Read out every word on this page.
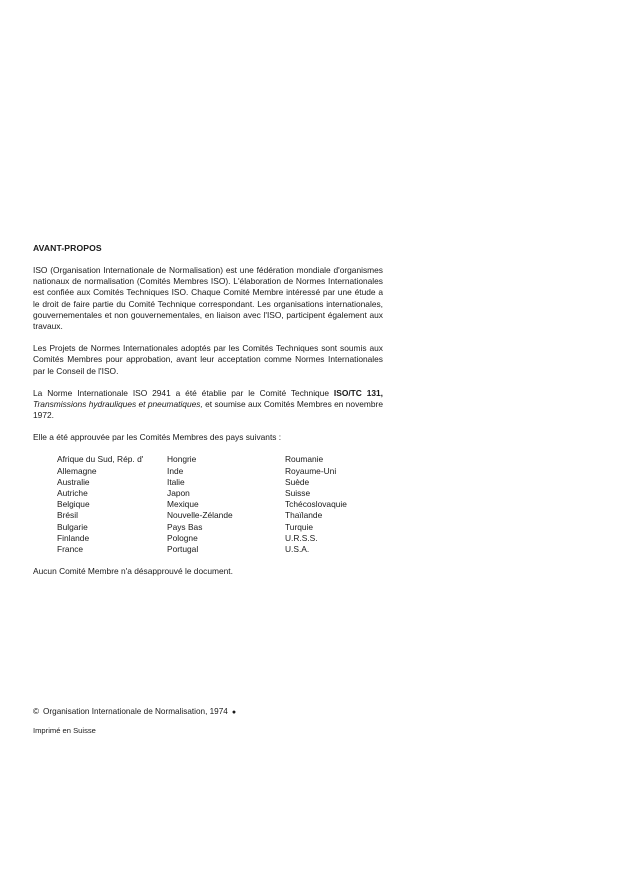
AVANT-PROPOS

ISO (Organisation Internationale de Normalisation) est une fédération mondiale d'organismes nationaux de normalisation (Comités Membres ISO). L'élaboration de Normes Internationales est confiée aux Comités Techniques ISO. Chaque Comité Membre intéressé par une étude a le droit de faire partie du Comité Technique correspondant. Les organisations internationales, gouvernementales et non gouvernementales, en liaison avec l'ISO, participent également aux travaux.

Les Projets de Normes Internationales adoptés par les Comités Techniques sont soumis aux Comités Membres pour approbation, avant leur acceptation comme Normes Internationales par le Conseil de l'ISO.

La Norme Internationale ISO 2941 a été établie par le Comité Technique ISO/TC 131, Transmissions hydrauliques et pneumatiques, et soumise aux Comités Membres en novembre 1972.

Elle a été approuvée par les Comités Membres des pays suivants :
Afrique du Sud, Rép. d'
Allemagne
Australie
Autriche
Belgique
Brésil
Bulgarie
Finlande
France
Hongrie
Inde
Italie
Japon
Mexique
Nouvelle-Zélande
Pays Bas
Pologne
Portugal
Roumanie
Royaume-Uni
Suède
Suisse
Tchécoslovaquie
Thaïlande
Turquie
U.R.S.S.
U.S.A.
Aucun Comité Membre n'a désapprouvé le document.
© Organisation Internationale de Normalisation, 1974 ●
Imprimé en Suisse
